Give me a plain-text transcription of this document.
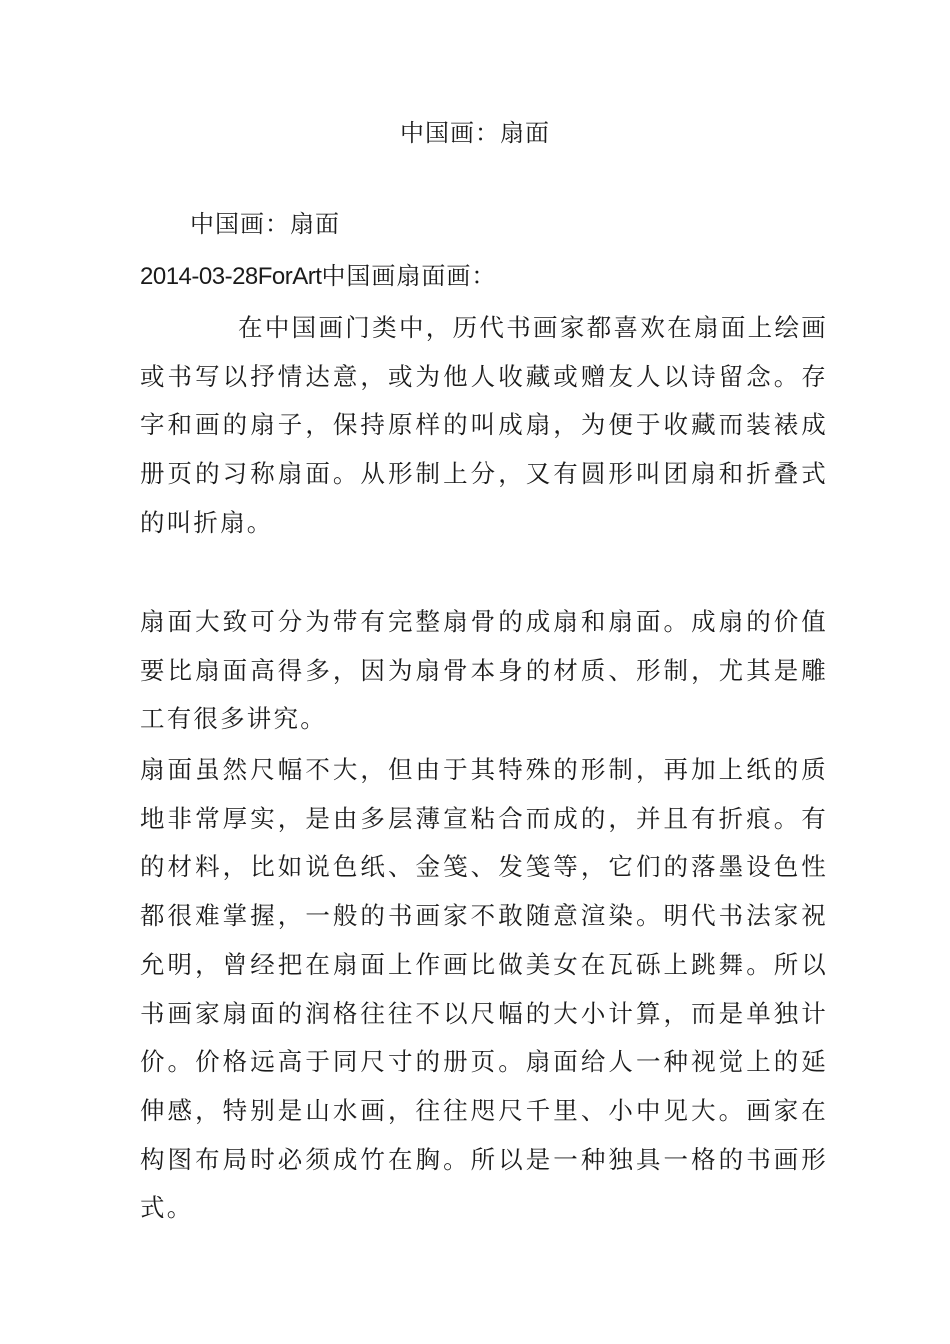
中国画：扇面
中国画：扇面
2014-03-28ForArt中国画扇面画：

在中国画门类中，历代书画家都喜欢在扇面上绘画或书写以抒情达意，或为他人收藏或赠友人以诗留念。存字和画的扇子，保持原样的叫成扇，为便于收藏而装裱成册页的习称扇面。从形制上分，又有圆形叫团扇和折叠式的叫折扇。

扇面大致可分为带有完整扇骨的成扇和扇面。成扇的价值要比扇面高得多，因为扇骨本身的材质、形制，尤其是雕工有很多讲究。

扇面虽然尺幅不大，但由于其特殊的形制，再加上纸的质地非常厚实，是由多层薄宣粘合而成的，并且有折痕。有的材料，比如说色纸、金笺、发笺等，它们的落墨设色性都很难掌握，一般的书画家不敢随意渲染。明代书法家祝允明，曾经把在扇面上作画比做美女在瓦砾上跳舞。所以书画家扇面的润格往往不以尺幅的大小计算，而是单独计价。价格远高于同尺寸的册页。扇面给人一种视觉上的延伸感，特别是山水画，往往咫尺千里、小中见大。画家在构图布局时必须成竹在胸。所以是一种独具一格的书画形式。
